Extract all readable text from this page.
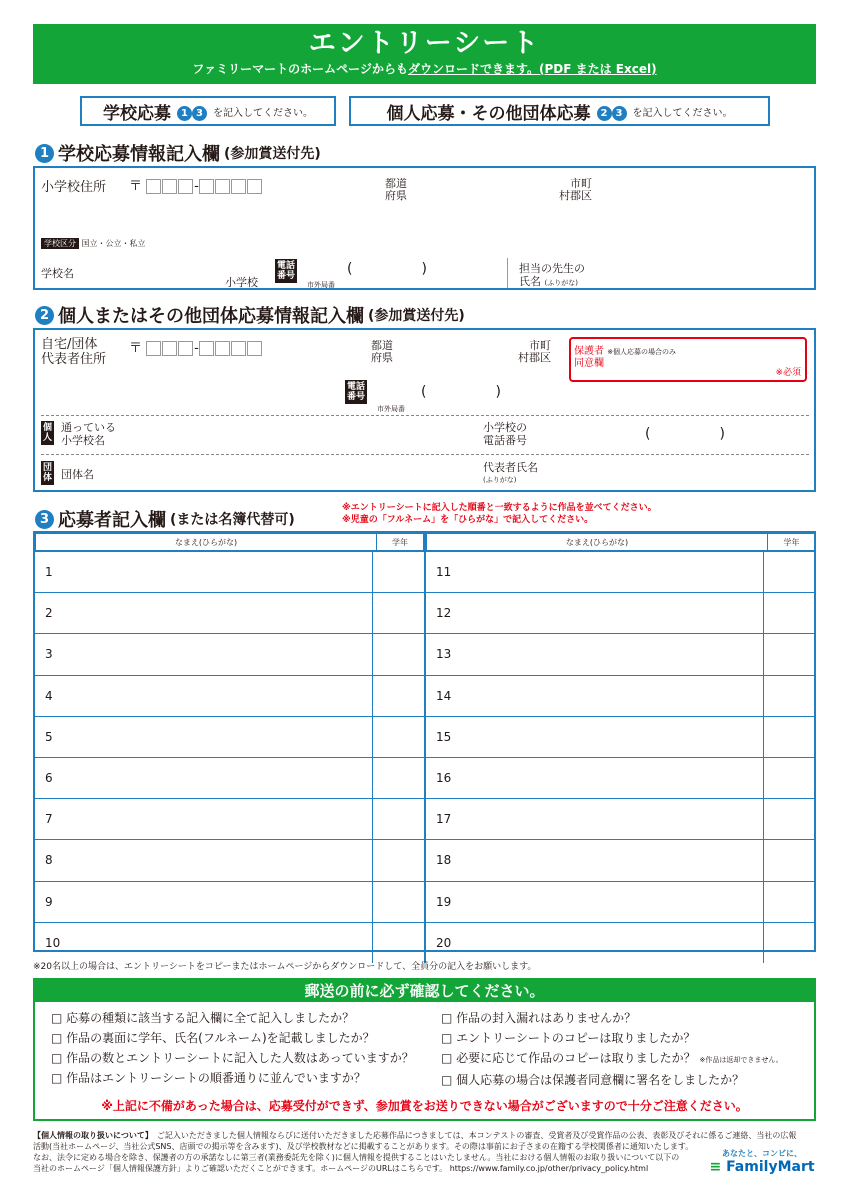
エントリーシート
ファミリーマートのホームページからもダウンロードできます。(PDF または Excel)
学校応募	1 3	を記入してください。	個人応募・その他団体応募	2 3	を記入してください。
1 学校応募情報記入欄 (参加賞送付先)
小学校住所 〒	-	都道
府県
市町
村郡区
学校区分 国立・公立・私立
学校名
小学校
電話
番号
市外局番
(	)	担当の先生の
氏名 (ふりがな)
2 個人またはその他団体応募情報記入欄 (参加賞送付先)
自宅/団体
代表者住所
〒	-	都道
府県
市町
村郡区 保護者 ※個人応募の場合のみ
同意欄
※必須
電話
番号
市外局番
(	)
個
人
通っている
小学校名
小学校の
電話番号	(	)
団
体 団体名
代表者氏名
(ふりがな)
3 応募者記入欄 (または名簿代替可)
※エントリーシートに記入した順番と一致するように作品を並べてください。
※児童の「フルネーム」を「ひらがな」で記入してください。
なまえ(ひらがな)	学年
1
2
3
4
5
6
7
8
9
10
なまえ(ひらがな)	学年
11
12
13
14
15
16
17
18
19
20
※20名以上の場合は、エントリーシートをコピーまたはホームページからダウンロードして、全員分の記入をお願いします。
郵送の前に必ず確認してください。
□ 応募の種類に該当する記入欄に全て記入しましたか？
□ 作品の裏面に学年、氏名(フルネーム)を記載しましたか？
□ 作品の数とエントリーシートに記入した人数はあっていますか？
□ 作品はエントリーシートの順番通りに並んでいますか？
□ 作品の封入漏れはありませんか？
□ エントリーシートのコピーは取りましたか？
□ 必要に応じて作品のコピーは取りましたか？ ※作品は返却できません。
□ 個人応募の場合は保護者同意欄に署名をしましたか？
※上記に不備があった場合は、応募受付ができず、参加賞をお送りできない場合がございますので十分ご注意ください。
【個人情報の取り扱いについて】　 ご記入いただきました個人情報ならびに送付いただきました応募作品につきましては、本コンテストの審査、受賞者及び受賞作品の公表、表彰及びそれに係るご連絡、当社の広報
活動(当社ホームページ、当社公式SNS、店頭での掲示等を含みます)、及び学校教材などに掲載することがあります。その際は事前にお子さまの在籍する学校関係者に通知いたします。
なお、法令に定める場合を除き、保護者の方の承諾なしに第三者(業務委託先を除く)に個人情報を提供することはいたしません。当社における個人情報のお取り扱いについて以下の
当社のホームページ「個人情報保護方針」よりご確認いただくことができます。ホームページのURLはこちらです。 https://www.family.co.jp/other/privacy_policy.html
あなたと、コンビに、
≡ FamilyMart
